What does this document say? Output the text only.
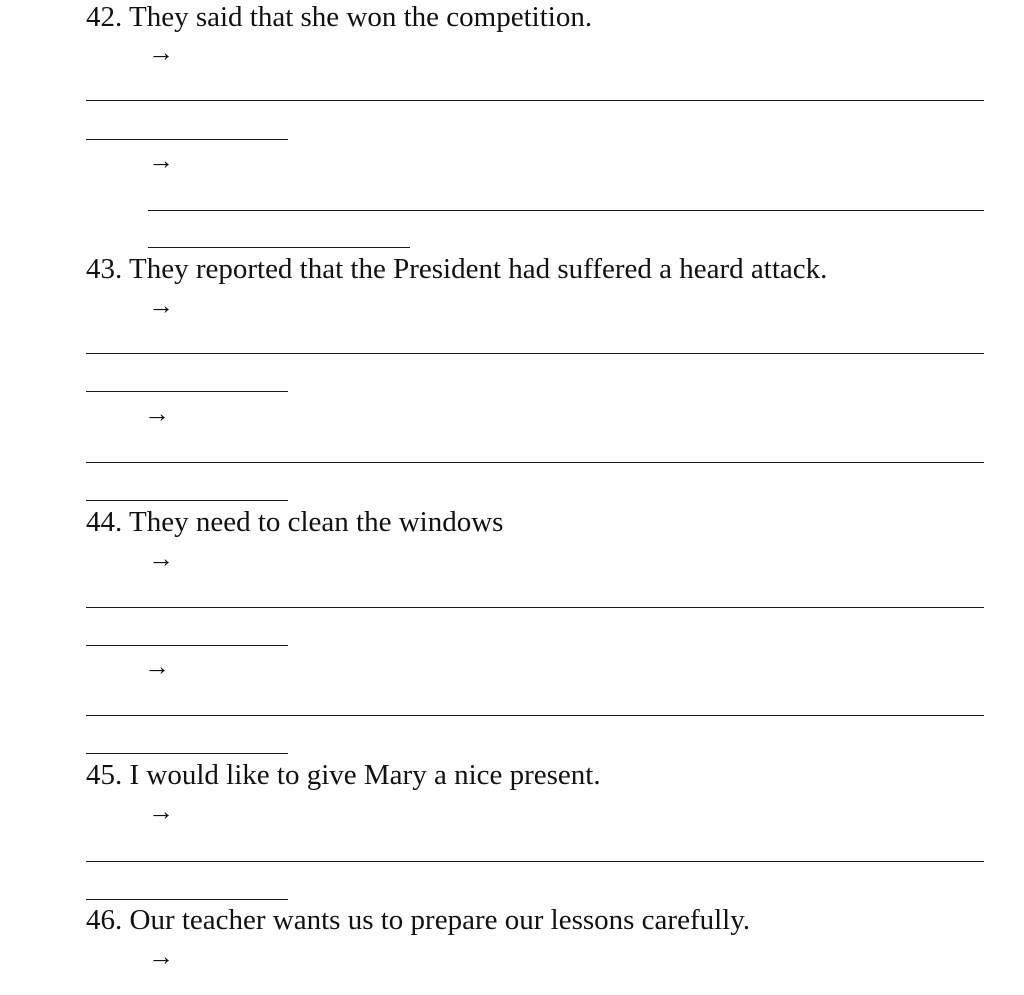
42. They said that she won the competition.
→
→
43. They reported that the President had suffered a heard attack.
→
→
44. They need to clean the windows
→
→
45. I would like to give Mary a nice present.
→
46. Our teacher wants us to prepare our lessons carefully.
→
